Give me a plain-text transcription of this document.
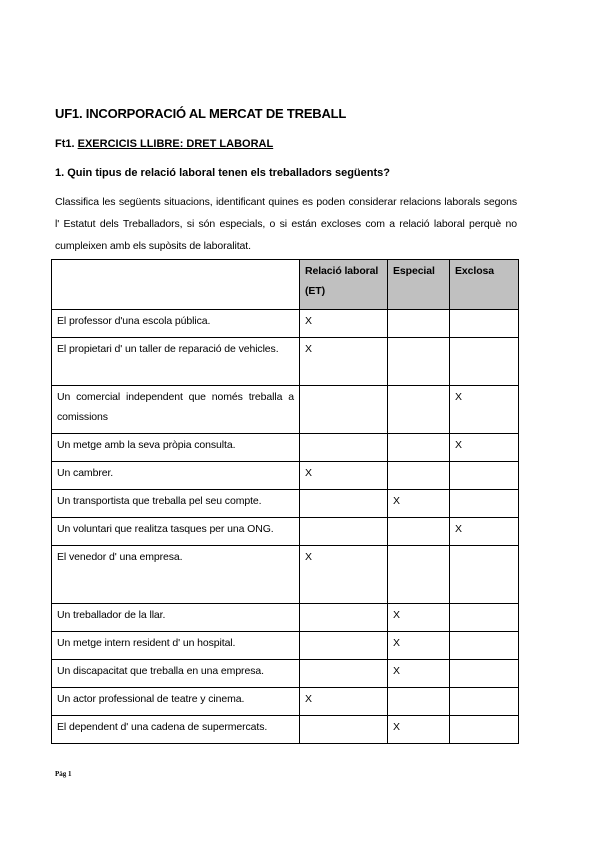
UF1. INCORPORACIÓ AL MERCAT DE TREBALL
Ft1. EXERCICIS LLIBRE: DRET LABORAL
1. Quin tipus de relació laboral tenen els treballadors següents?
Classifica les següents situacions, identificant quines es poden considerar relacions laborals segons l' Estatut dels Treballadors, si són especials, o si están excloses com a relació laboral perquè no cumpleixen amb els supòsits de laboralitat.

	Relació laboral (ET)	Especial	Exclosa

El professor d'una escola pública.	X		

El propietari d' un taller de reparació de vehicles.	X		

Un comercial independent que només treballa a comissions			X

Un metge amb la seva pròpia consulta.			X

Un cambrer.	X		

Un transportista que treballa pel seu compte.		X	

Un voluntari que realitza tasques per una ONG.			X

El venedor d' una empresa.	X		

Un treballador de la llar.		X	

Un metge intern resident d' un hospital.		X	

Un discapacitat que treballa en una empresa.		X	

Un actor professional de teatre y cinema.	X		

El dependent d' una cadena de supermercats.		X	

Pàg 1
